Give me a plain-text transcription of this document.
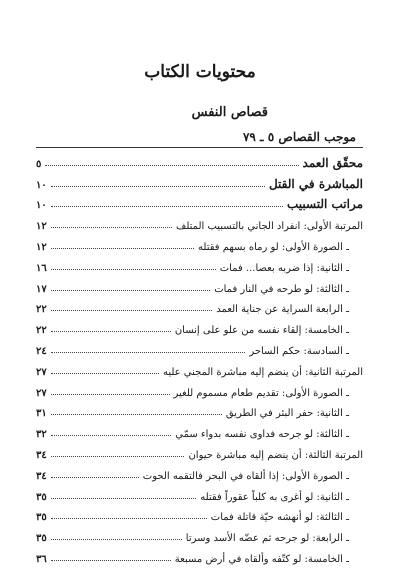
محتويات الكتاب
قصاص النفس
موجب القصاص ٥ ـ ٧٩
محقّق العمد
٥
المباشرة في القتل
١٠
مراتب التسبيب
١٠
المرتبة الأولى: انفراد الجاني بالتسبيب المتلف
١٢
ـ الصورة الأولى: لو رماه بسهم فقتله
١٢
ـ الثانية: إذا ضربه بعصا... فمات
١٦
ـ الثالثة: لو طرحه في النار فمات
١٧
ـ الرابعة السراية عن جناية العمد
٢٢
ـ الخامسة: إلقاء نفسه من علو على إنسان
٢٢
ـ السادسة: حكم الساحر
٢٤
المرتبة الثانية: أن ينضم إليه مباشرة المجني عليه
٢٧
ـ الصورة الأولى: تقديم طعام مسموم للغير
٢٧
ـ الثانية: حفر البئر في الطريق
٣١
ـ الثالثة: لو جرحه فداوى نفسه بدواء سمّي
٣٢
المرتبة الثالثة: أن ينضم إليه مباشرة حيوان
٣٤
ـ الصورة الأولى: إذا ألقاه في البحر فالتقمه الحوت
٣٤
ـ الثانية: لو أغرى به كلباً عقوراً فقتله
٣٥
ـ الثالثة: لو أنهشه حيّة قاتلة فمات
٣٥
ـ الرابعة: لو جرحه ثم عضّه الأسد وسرتا
٣٥
ـ الخامسة: لو كتّفه وألقاه في أرض مسبعة
٣٦
